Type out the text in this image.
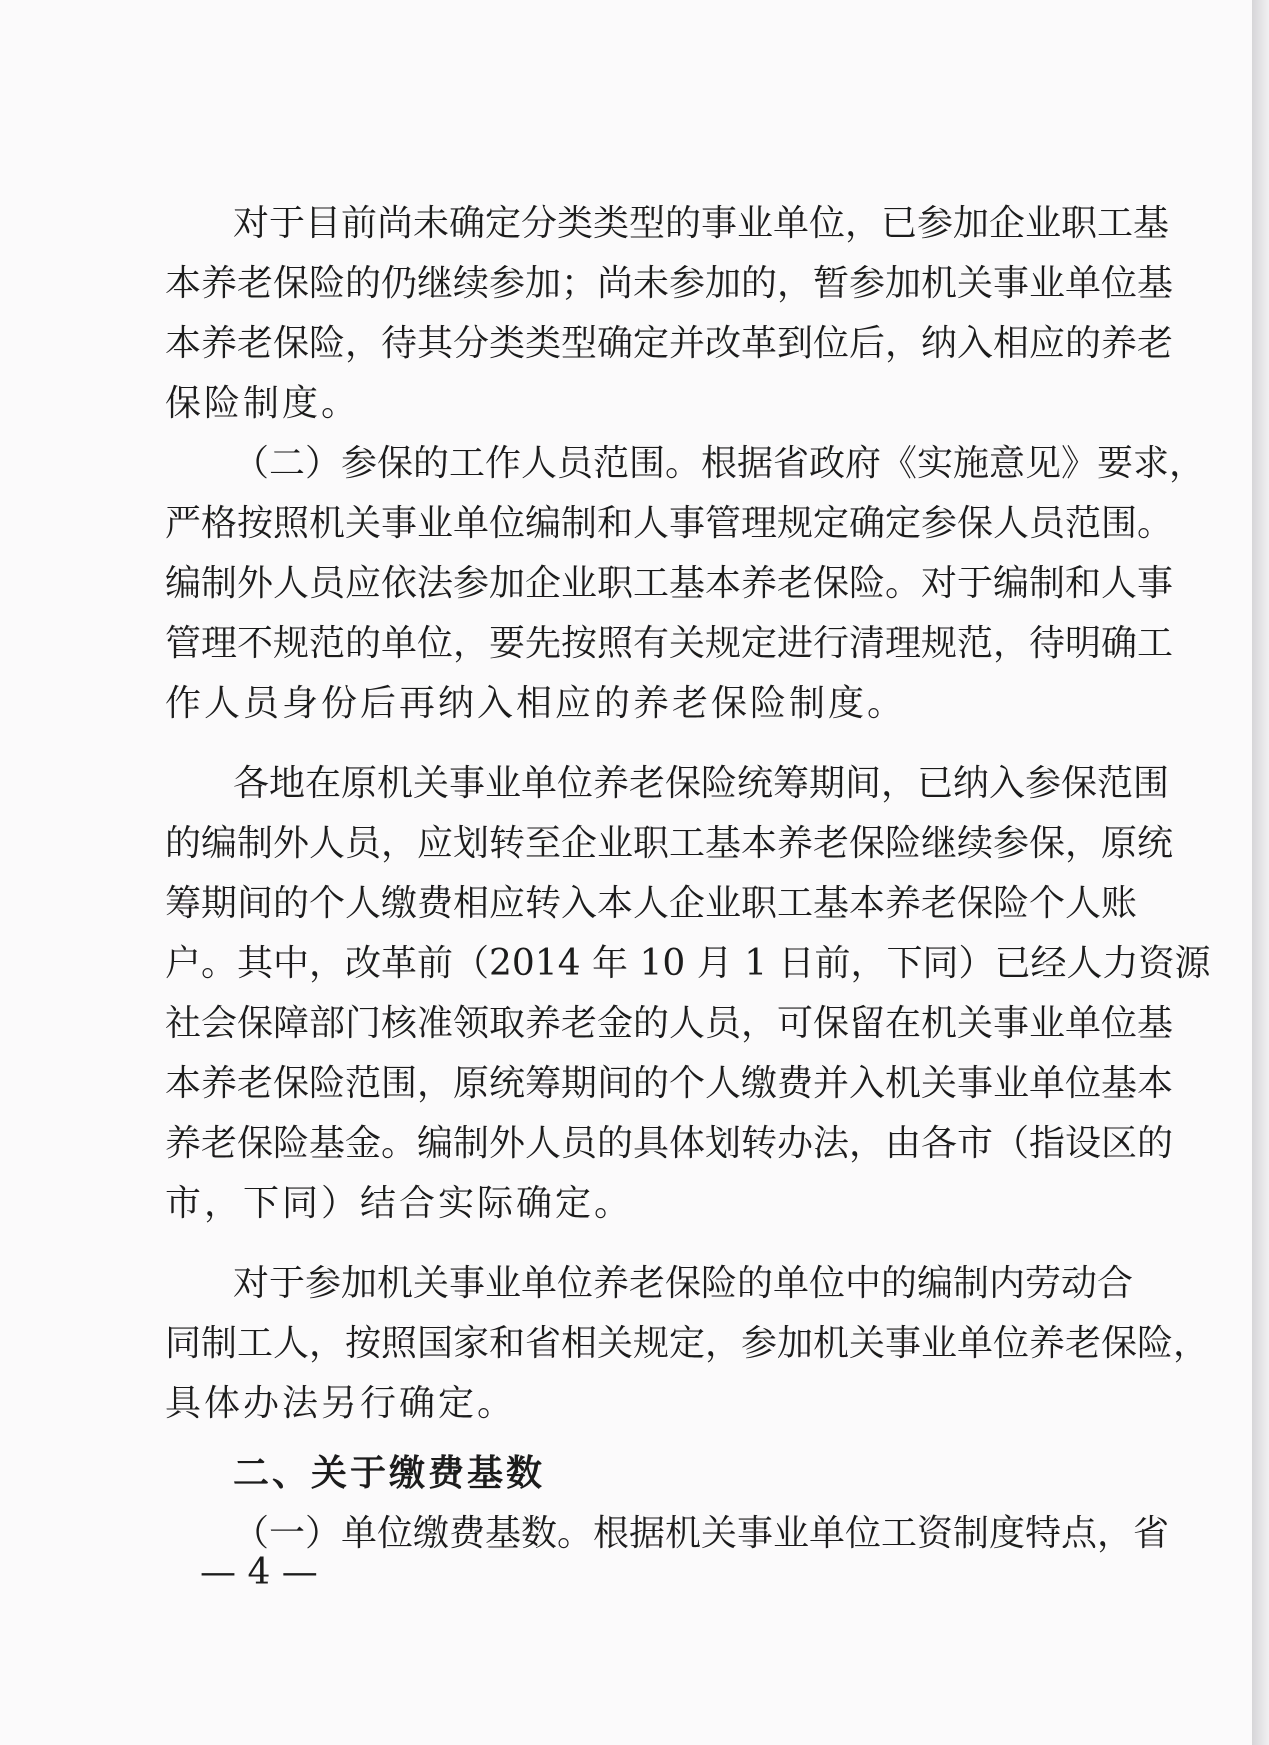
对于目前尚未确定分类类型的事业单位，已参加企业职工基
本养老保险的仍继续参加；尚未参加的，暂参加机关事业单位基
本养老保险，待其分类类型确定并改革到位后，纳入相应的养老
保险制度。
（二）参保的工作人员范围。根据省政府《实施意见》要求，
严格按照机关事业单位编制和人事管理规定确定参保人员范围。
编制外人员应依法参加企业职工基本养老保险。对于编制和人事
管理不规范的单位，要先按照有关规定进行清理规范，待明确工
作人员身份后再纳入相应的养老保险制度。
各地在原机关事业单位养老保险统筹期间，已纳入参保范围
的编制外人员，应划转至企业职工基本养老保险继续参保，原统
筹期间的个人缴费相应转入本人企业职工基本养老保险个人账
户。其中，改革前（2014 年 10 月 1 日前，下同）已经人力资源
社会保障部门核准领取养老金的人员，可保留在机关事业单位基
本养老保险范围，原统筹期间的个人缴费并入机关事业单位基本
养老保险基金。编制外人员的具体划转办法，由各市（指设区的
市，下同）结合实际确定。
对于参加机关事业单位养老保险的单位中的编制内劳动合
同制工人，按照国家和省相关规定，参加机关事业单位养老保险，
具体办法另行确定。
二、关于缴费基数
（一）单位缴费基数。根据机关事业单位工资制度特点，省
— 4 —
